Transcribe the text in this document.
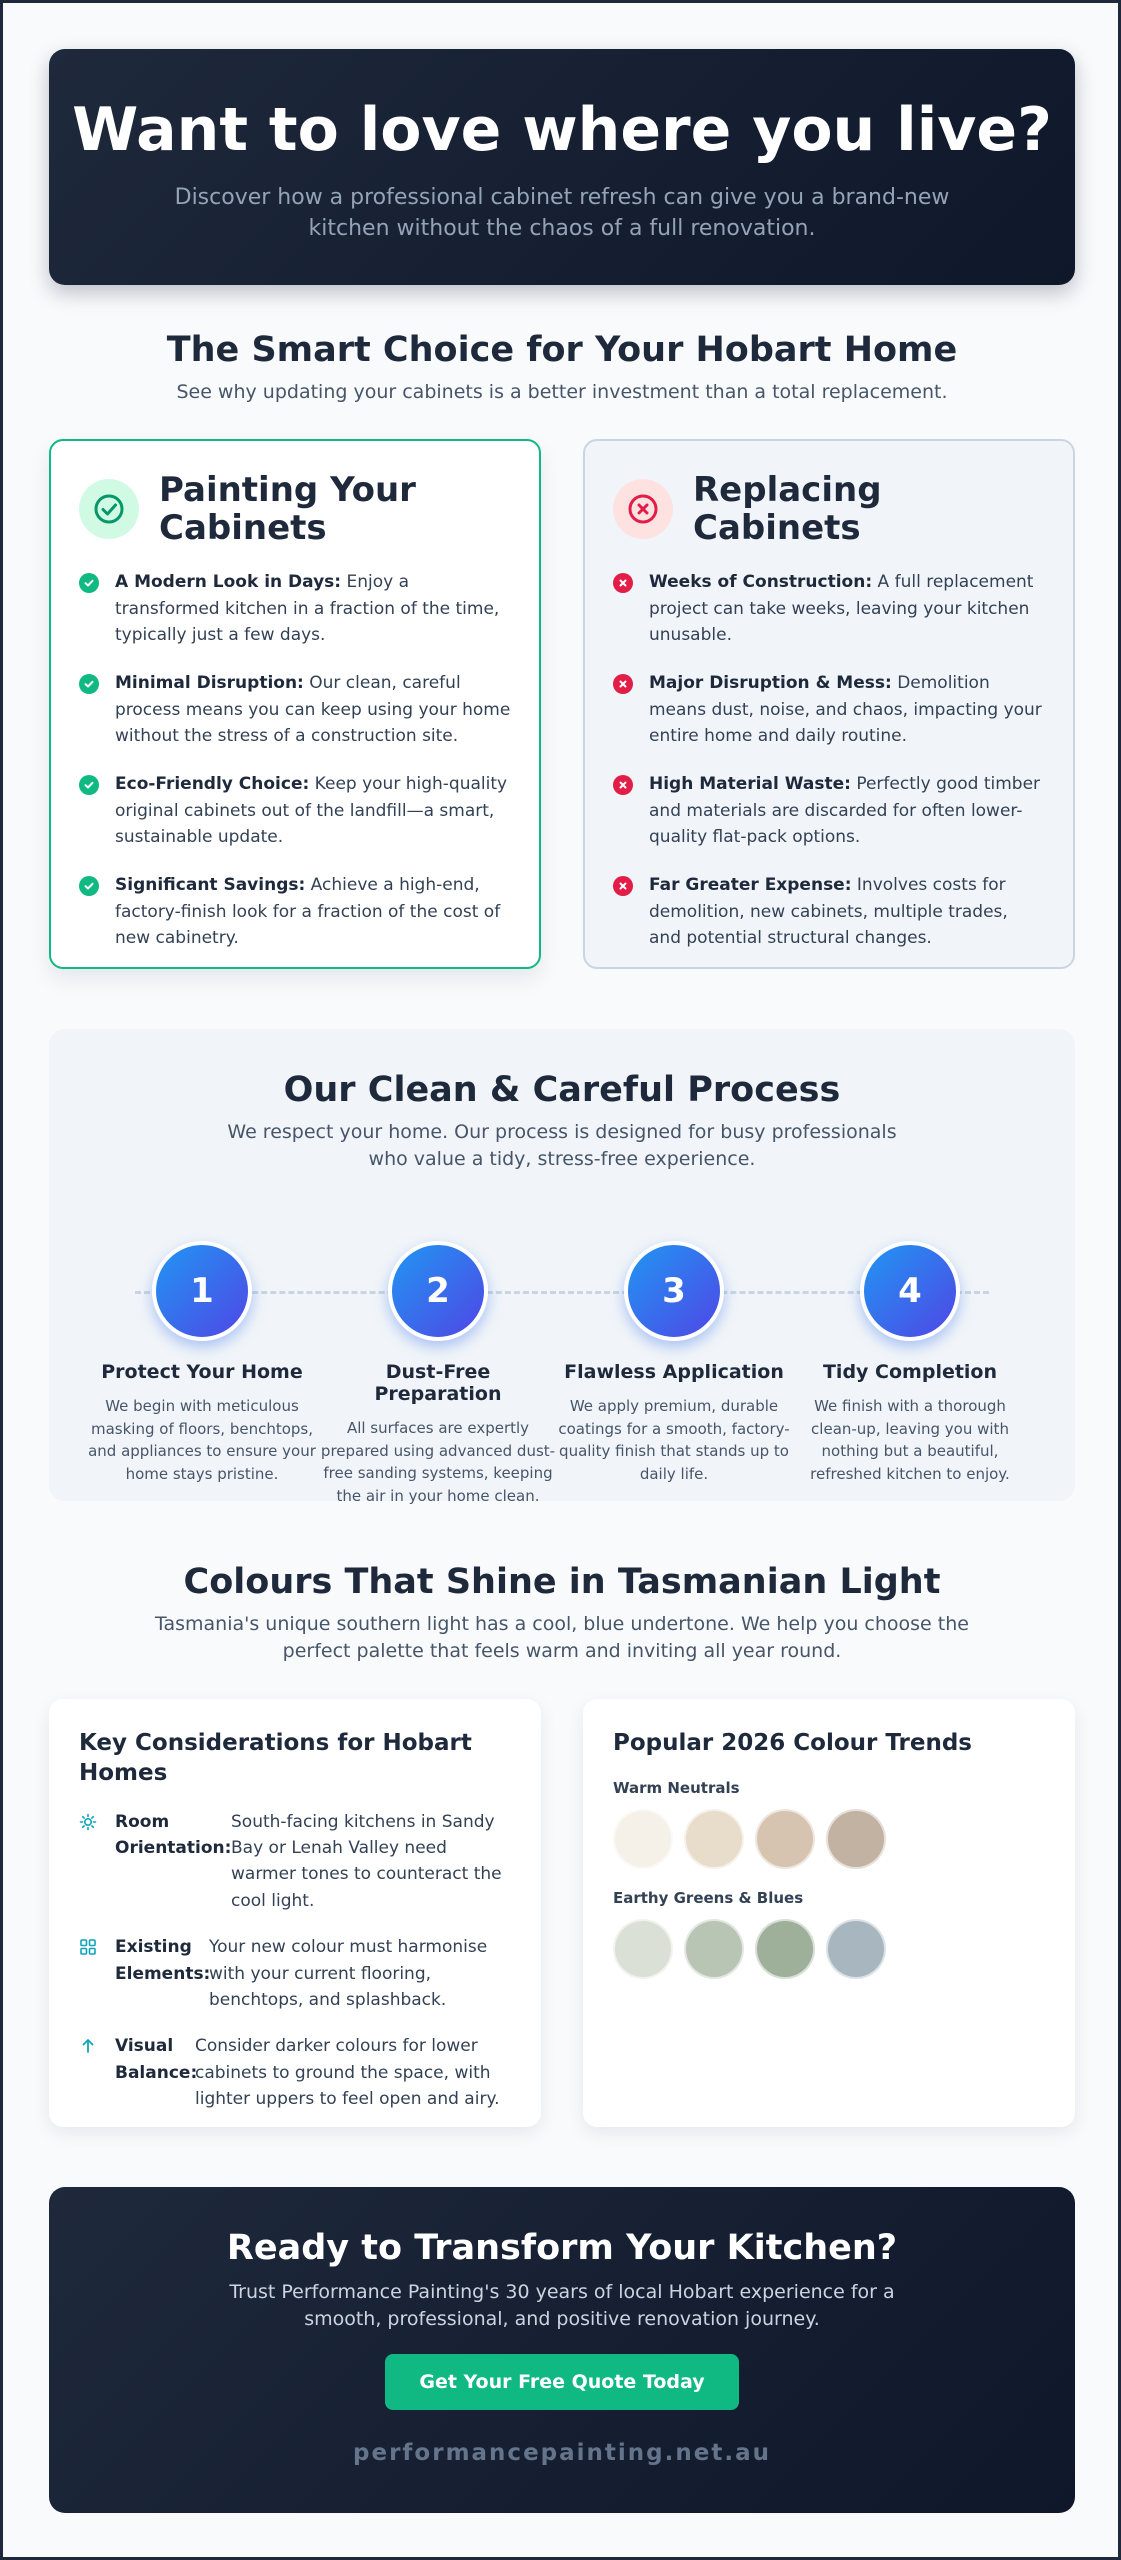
Want to love where you live?

Discover how a professional cabinet refresh can give you a brand-new kitchen without the chaos of a full renovation.

The Smart Choice for Your Hobart Home

See why updating your cabinets is a better investment than a total replacement.

Painting Your Cabinets
A Modern Look in Days: Enjoy a transformed kitchen in a fraction of the time, typically just a few days.
Minimal Disruption: Our clean, careful process means you can keep using your home without the stress of a construction site.
Eco-Friendly Choice: Keep your high-quality original cabinets out of the landfill—a smart, sustainable update.
Significant Savings: Achieve a high-end, factory-finish look for a fraction of the cost of new cabinetry.
Replacing Cabinets
Weeks of Construction: A full replacement project can take weeks, leaving your kitchen unusable.
Major Disruption & Mess: Demolition means dust, noise, and chaos, impacting your entire home and daily routine.
High Material Waste: Perfectly good timber and materials are discarded for often lower-quality flat-pack options.
Far Greater Expense: Involves costs for demolition, new cabinets, multiple trades, and potential structural changes.
Our Clean & Careful Process

We respect your home. Our process is designed for busy professionals who value a tidy, stress-free experience.

1
Protect Your Home

We begin with meticulous masking of floors, benchtops, and appliances to ensure your home stays pristine.

2
Dust-Free Preparation

All surfaces are expertly prepared using advanced dust-free sanding systems, keeping the air in your home clean.

3
Flawless Application

We apply premium, durable coatings for a smooth, factory-quality finish that stands up to daily life.

4
Tidy Completion

We finish with a thorough clean-up, leaving you with nothing but a beautiful, refreshed kitchen to enjoy.

Colours That Shine in Tasmanian Light

Tasmania's unique southern light has a cool, blue undertone. We help you choose the perfect palette that feels warm and inviting all year round.

Key Considerations for Hobart Homes
Room Orientation:
South-facing kitchens in Sandy Bay or Lenah Valley need warmer tones to counteract the cool light.
Existing Elements:
Your new colour must harmonise with your current flooring, benchtops, and splashback.
Visual Balance:
Consider darker colours for lower cabinets to ground the space, with lighter uppers to feel open and airy.
Popular 2026 Colour Trends
Warm Neutrals
Earthy Greens & Blues
Ready to Transform Your Kitchen?

Trust Performance Painting's 30 years of local Hobart experience for a smooth, professional, and positive renovation journey.

Get Your Free Quote Today
performancepainting.net.au
